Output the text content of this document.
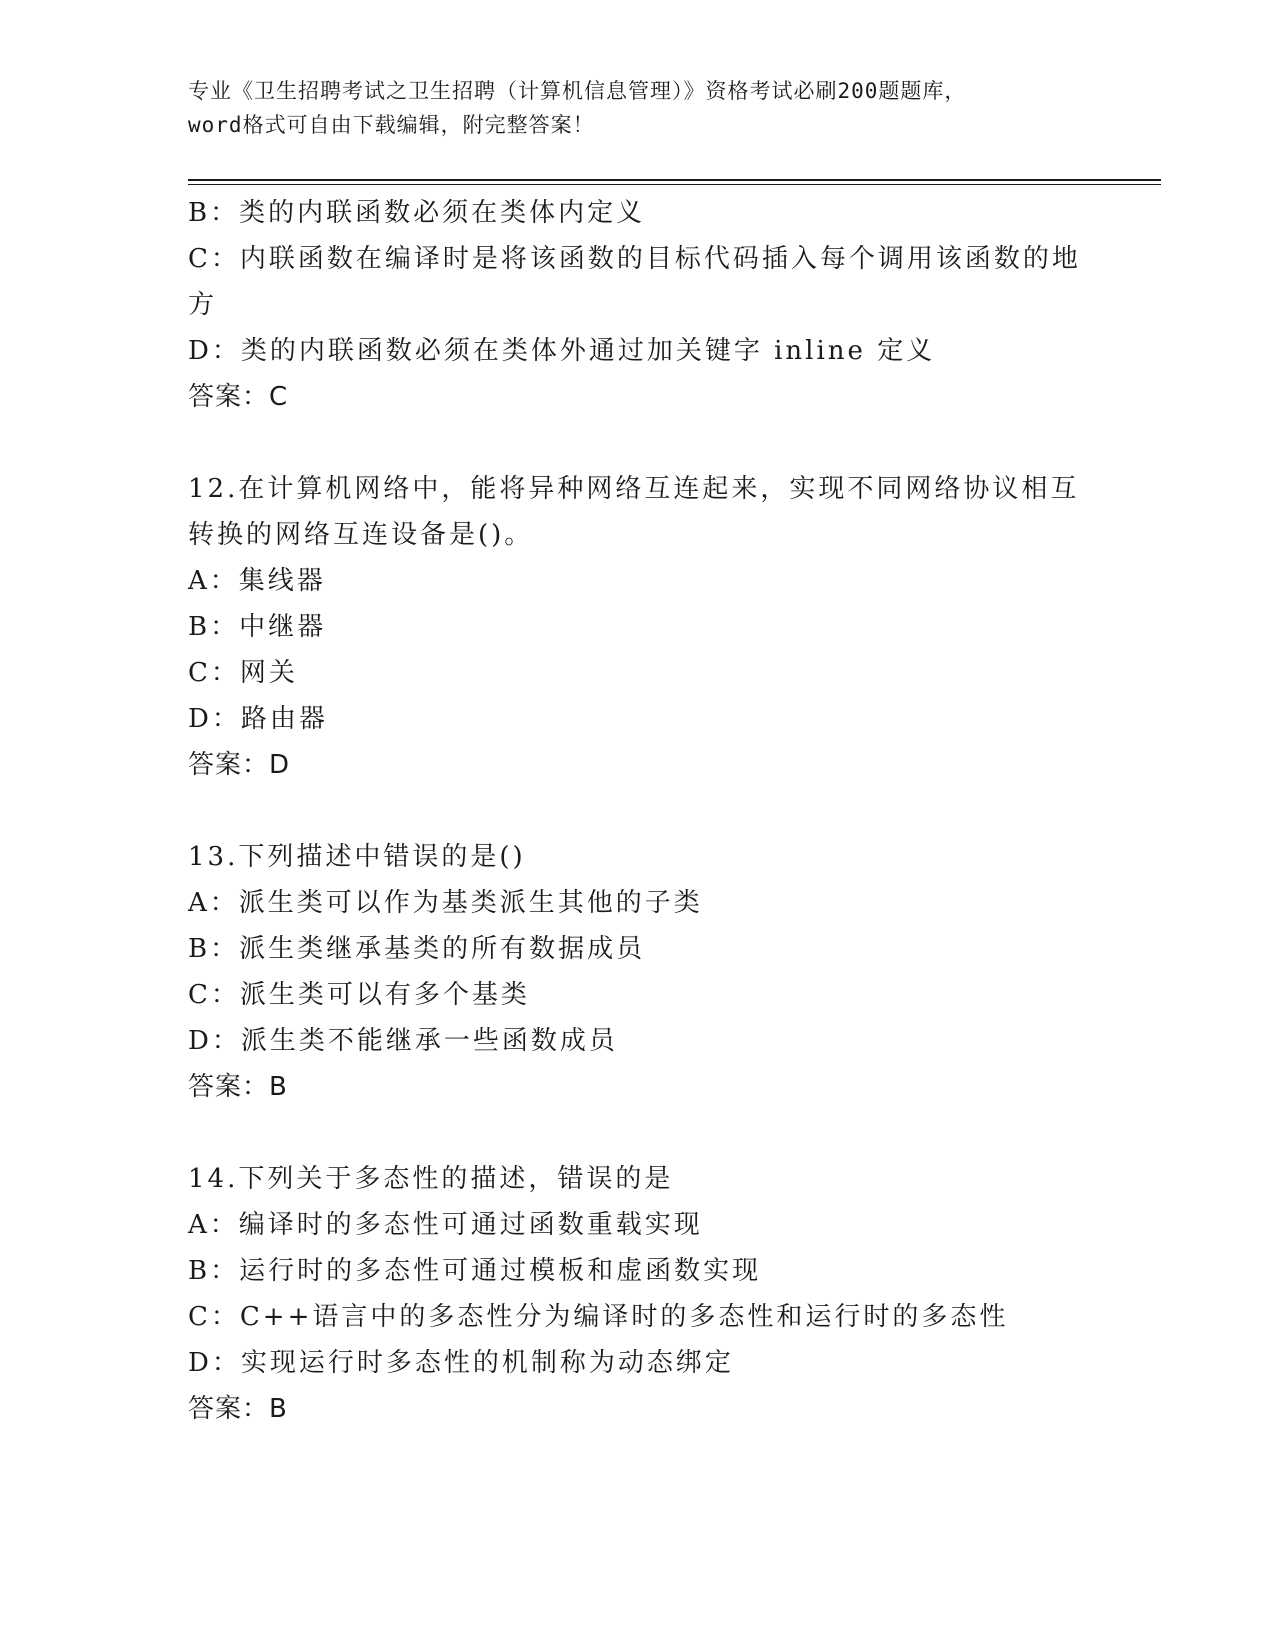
专业《卫生招聘考试之卫生招聘（计算机信息管理）》资格考试必刷200题题库，
word格式可自由下载编辑，附完整答案！
B：类的内联函数必须在类体内定义
C：内联函数在编译时是将该函数的目标代码插入每个调用该函数的地
方
D：类的内联函数必须在类体外通过加关键字 inline 定义
答案：C
12.在计算机网络中，能将异种网络互连起来，实现不同网络协议相互
转换的网络互连设备是()。
A：集线器
B：中继器
C：网关
D：路由器
答案：D
13.下列描述中错误的是()
A：派生类可以作为基类派生其他的子类
B：派生类继承基类的所有数据成员
C：派生类可以有多个基类
D：派生类不能继承一些函数成员
答案：B
14.下列关于多态性的描述，错误的是
A：编译时的多态性可通过函数重载实现
B：运行时的多态性可通过模板和虚函数实现
C：C++语言中的多态性分为编译时的多态性和运行时的多态性
D：实现运行时多态性的机制称为动态绑定
答案：B
